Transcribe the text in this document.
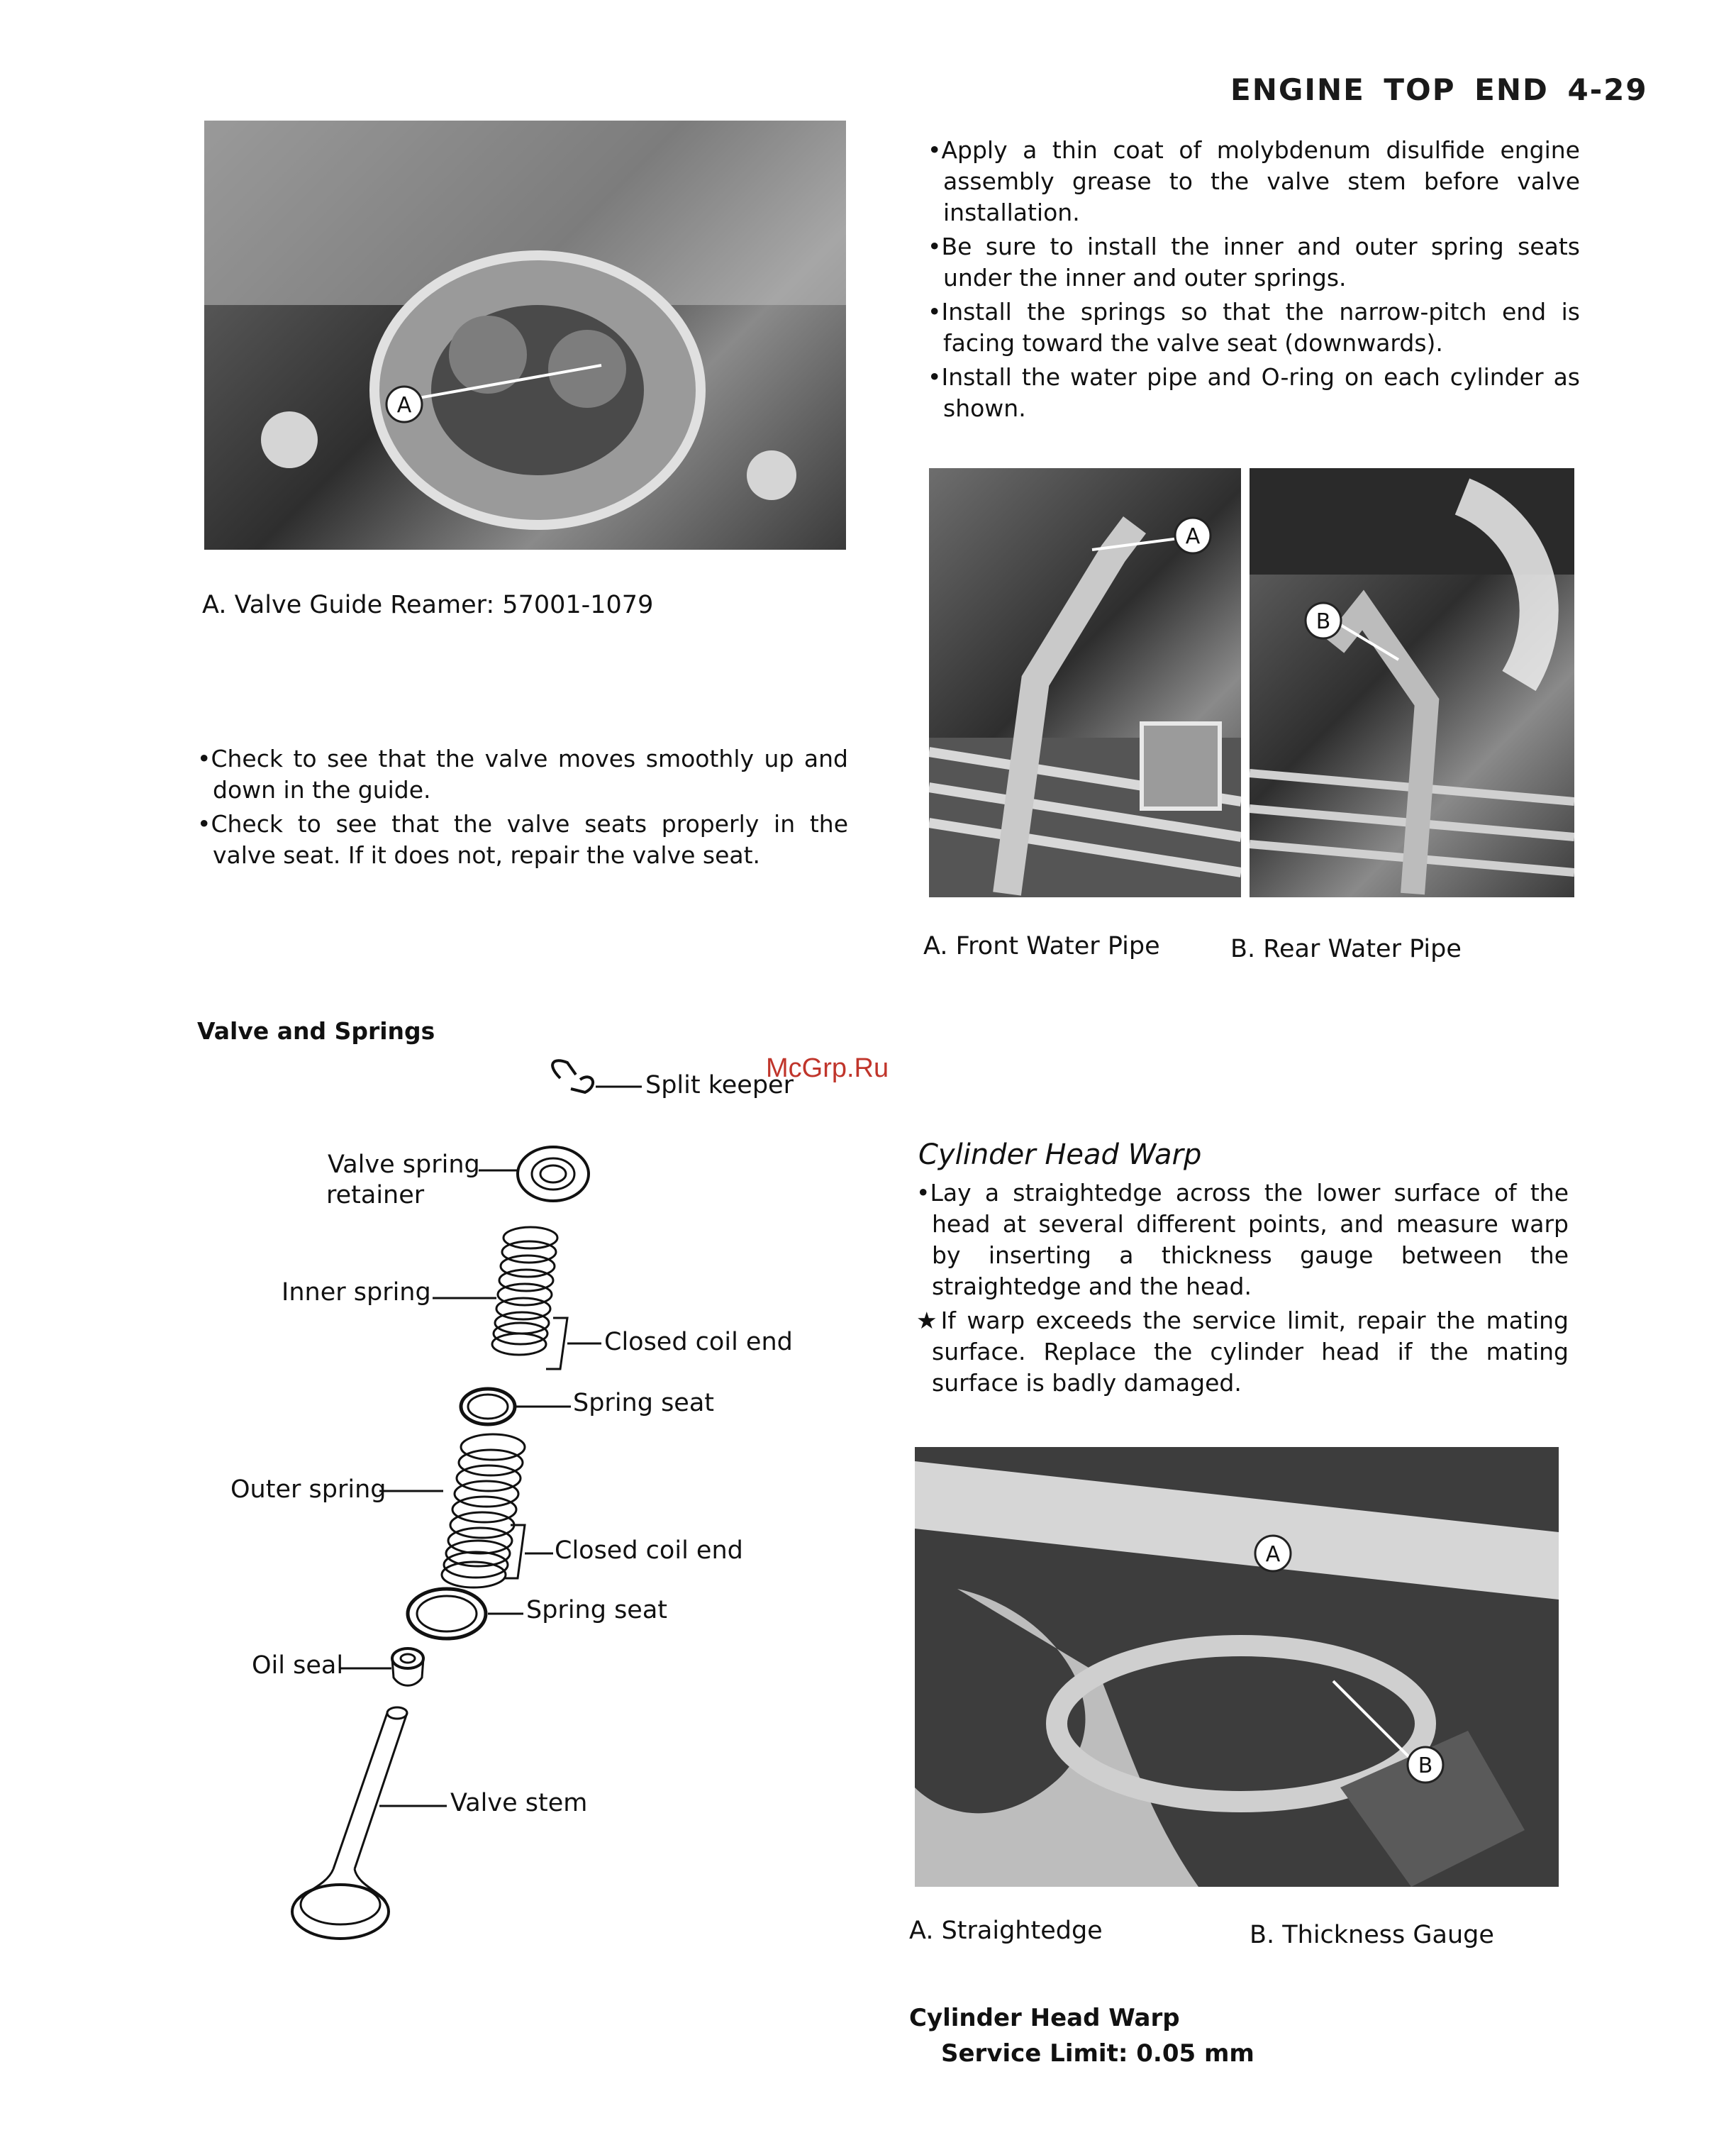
ENGINE TOP END 4-29
A
A. Valve Guide Reamer: 57001-1079

•Check to see that the valve moves smoothly up and down in the guide.

•Check to see that the valve seats properly in the valve seat. If it does not, repair the valve seat.

•Apply a thin coat of molybdenum disulfide engine assembly grease to the valve stem before valve installation.

•Be sure to install the inner and outer spring seats under the inner and outer springs.

•Install the springs so that the narrow-pitch end is facing toward the valve seat (downwards).

•Install the water pipe and O-ring on each cylinder as shown.

A
B
A. Front Water Pipe	B. Rear Water Pipe
McGrp.Ru
Valve and Springs
Split keeper
Valve spring
retainer
Inner spring
Closed coil end
Spring seat
Outer spring
Closed coil end
Spring seat
Oil seal
Valve stem
Cylinder Head Warp

•Lay a straightedge across the lower surface of the head at several different points, and measure warp by inserting a thickness gauge between the straightedge and the head.

★If warp exceeds the service limit, repair the mating surface. Replace the cylinder head if the mating surface is badly damaged.

A
B
A. Straightedge	B. Thickness Gauge
Cylinder Head Warp
Service Limit: 0.05 mm
